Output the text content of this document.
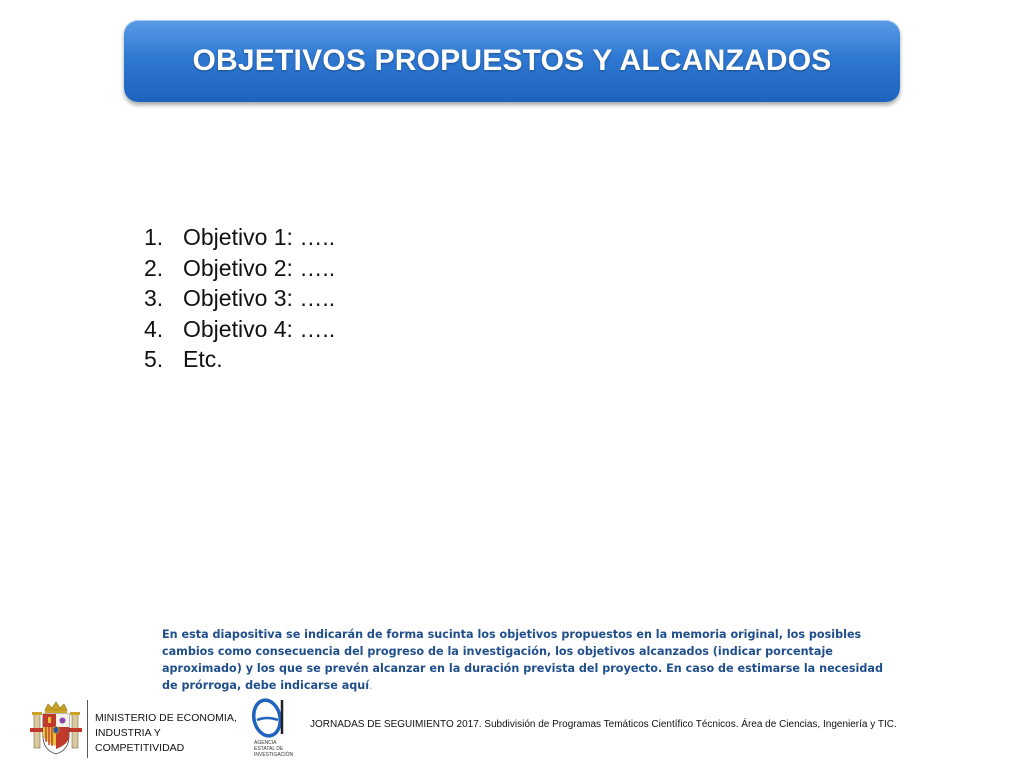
OBJETIVOS PROPUESTOS Y ALCANZADOS
1. Objetivo 1: …..
2. Objetivo 2: …..
3. Objetivo 3: …..
4. Objetivo 4: …..
5. Etc.

En esta diapositiva se indicarán de forma sucinta los objetivos propuestos en la memoria original, los posibles cambios como consecuencia del progreso de la investigación, los objetivos alcanzados (indicar porcentaje aproximado) y los que se prevén alcanzar en la duración prevista del proyecto. En caso de estimarse la necesidad de prórroga, debe indicarse aquí.

MINISTERIO DE ECONOMIA,
INDUSTRIA Y
COMPETITIVIDAD	AGENCIA
ESTATAL DE
INVESTIGACIÓN

JORNADAS DE SEGUIMIENTO 2017. Subdivisión de Programas Temáticos Científico Técnicos. Área de Ciencias, Ingeniería y TIC.
